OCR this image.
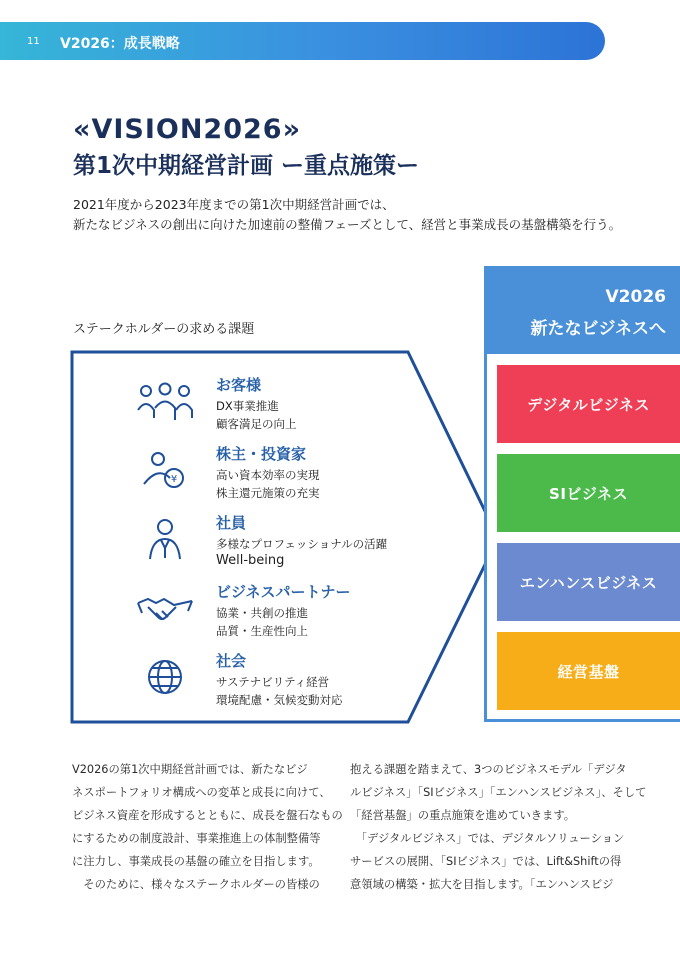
11 V2026：成長戦略
«VISION2026»
第1次中期経営計画 ー重点施策ー
2021年度から2023年度までの第1次中期経営計画では、
新たなビジネスの創出に向けた加速前の整備フェーズとして、経営と事業成長の基盤構築を行う。
ステークホルダーの求める課題
¥
お客様
DX事業推進
顧客満足の向上
株主・投資家
高い資本効率の実現
株主還元施策の充実
社員
多様なプロフェッショナルの活躍
Well-being
ビジネスパートナー
協業・共創の推進
品質・生産性向上
社会
サステナビリティ経営
環境配慮・気候変動対応
V2026
新たなビジネスへ
デジタルビジネス
SIビジネス
エンハンスビジネス
経営基盤
V2026の第1次中期経営計画では、新たなビジ
ネスポートフォリオ構成への変革と成長に向けて、
ビジネス資産を形成するとともに、成長を盤石なもの
にするための制度設計、事業推進上の体制整備等
に注力し、事業成長の基盤の確立を目指します。
　そのために、様々なステークホルダーの皆様の
抱える課題を踏まえて、3つのビジネスモデル「デジタ
ルビジネス」「SIビジネス」「エンハンスビジネス」、そして
「経営基盤」の重点施策を進めていきます。
　「デジタルビジネス」では、デジタルソリューション
サービスの展開、「SIビジネス」では、Lift&Shiftの得
意領域の構築・拡大を目指します。「エンハンスビジ
